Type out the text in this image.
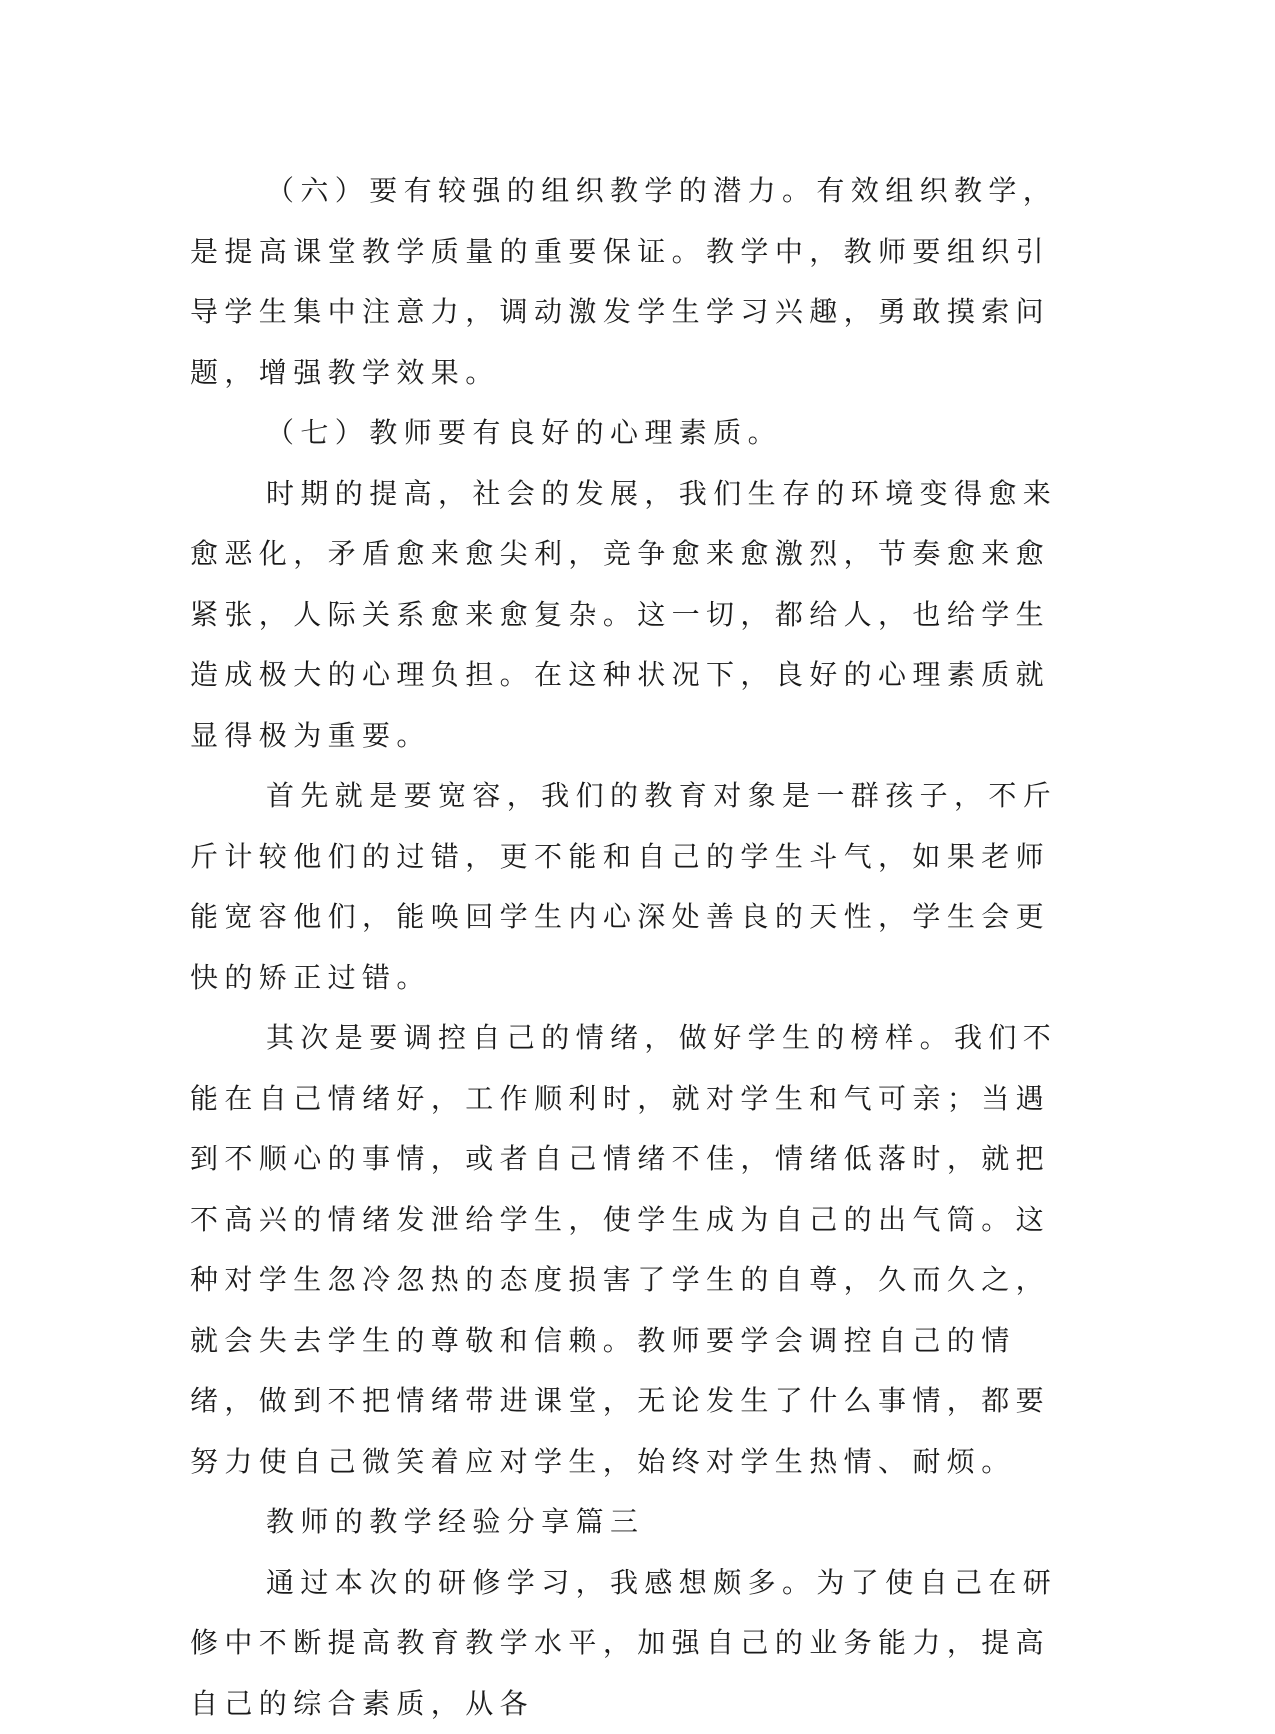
（六）要有较强的组织教学的潜力。有效组织教学，是提高课堂教学质量的重要保证。教学中，教师要组织引导学生集中注意力，调动激发学生学习兴趣，勇敢摸索问题，增强教学效果。

（七）教师要有良好的心理素质。

时期的提高，社会的发展，我们生存的环境变得愈来愈恶化，矛盾愈来愈尖利，竞争愈来愈激烈，节奏愈来愈紧张，人际关系愈来愈复杂。这一切，都给人，也给学生造成极大的心理负担。在这种状况下，良好的心理素质就显得极为重要。

首先就是要宽容，我们的教育对象是一群孩子，不斤斤计较他们的过错，更不能和自己的学生斗气，如果老师能宽容他们，能唤回学生内心深处善良的天性，学生会更快的矫正过错。

其次是要调控自己的情绪，做好学生的榜样。我们不能在自己情绪好，工作顺利时，就对学生和气可亲；当遇到不顺心的事情，或者自己情绪不佳，情绪低落时，就把不高兴的情绪发泄给学生，使学生成为自己的出气筒。这种对学生忽冷忽热的态度损害了学生的自尊，久而久之，就会失去学生的尊敬和信赖。教师要学会调控自己的情绪，做到不把情绪带进课堂，无论发生了什么事情，都要努力使自己微笑着应对学生，始终对学生热情、耐烦。

教师的教学经验分享篇三

通过本次的研修学习，我感想颇多。为了使自己在研修中不断提高教育教学水平，加强自己的业务能力，提高自己的综合素质，从各
